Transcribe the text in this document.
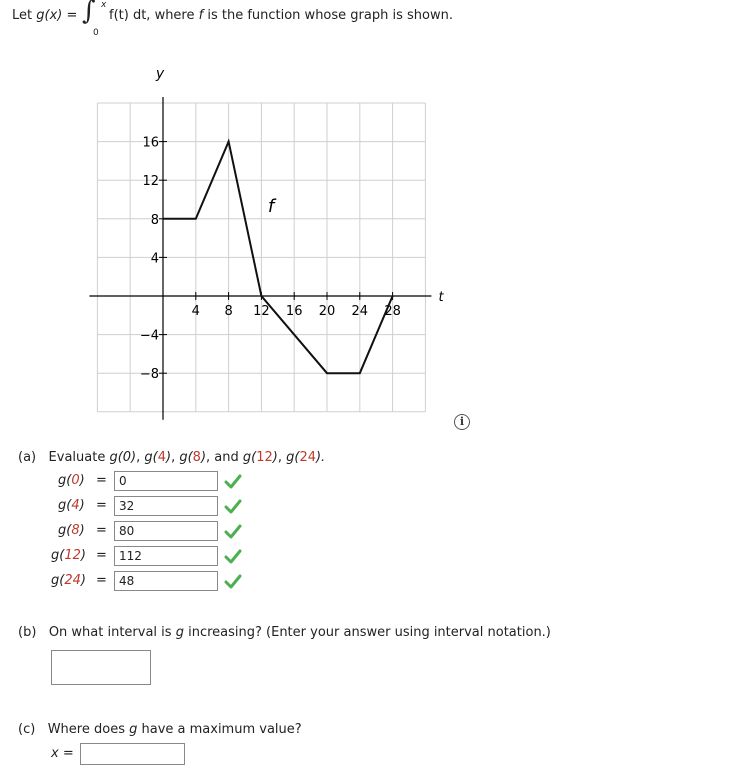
Let g(x) = ∫ x
0
f(t) dt, where f is the function whose graph is shown.
4 8 12 16 20 24 28
16
12
8
4
−4
−8
y
t
f
i
(a) Evaluate g(0), g(4), g(8), and g(12), g(24).
g(0) =	0
g(4) =	32
g(8) =	80
g(12) =	112
g(24) =	48
(b) On what interval is g increasing? (Enter your answer using interval notation.)
(c) Where does g have a maximum value?
x =
